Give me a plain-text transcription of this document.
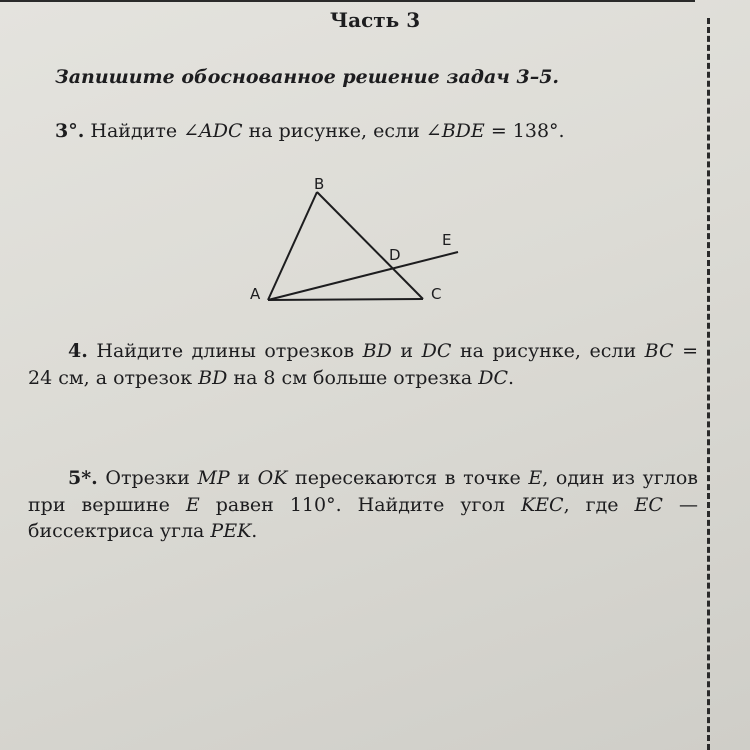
Часть 3
Запишите обоснованное решение задач 3–5.
3°. Найдите ∠ADC на рисунке, если ∠BDE = 138°.
B
A	C
D
E
4. Найдите длины отрезков BD и DC на рисунке, если BC = 24 см, а отрезок BD на 8 см больше отрезка DC.
5*. Отрезки MP и OK пересекаются в точке E, один из углов при вершине E равен 110°. Найдите угол KEC, где EC — биссектриса угла PEK.
